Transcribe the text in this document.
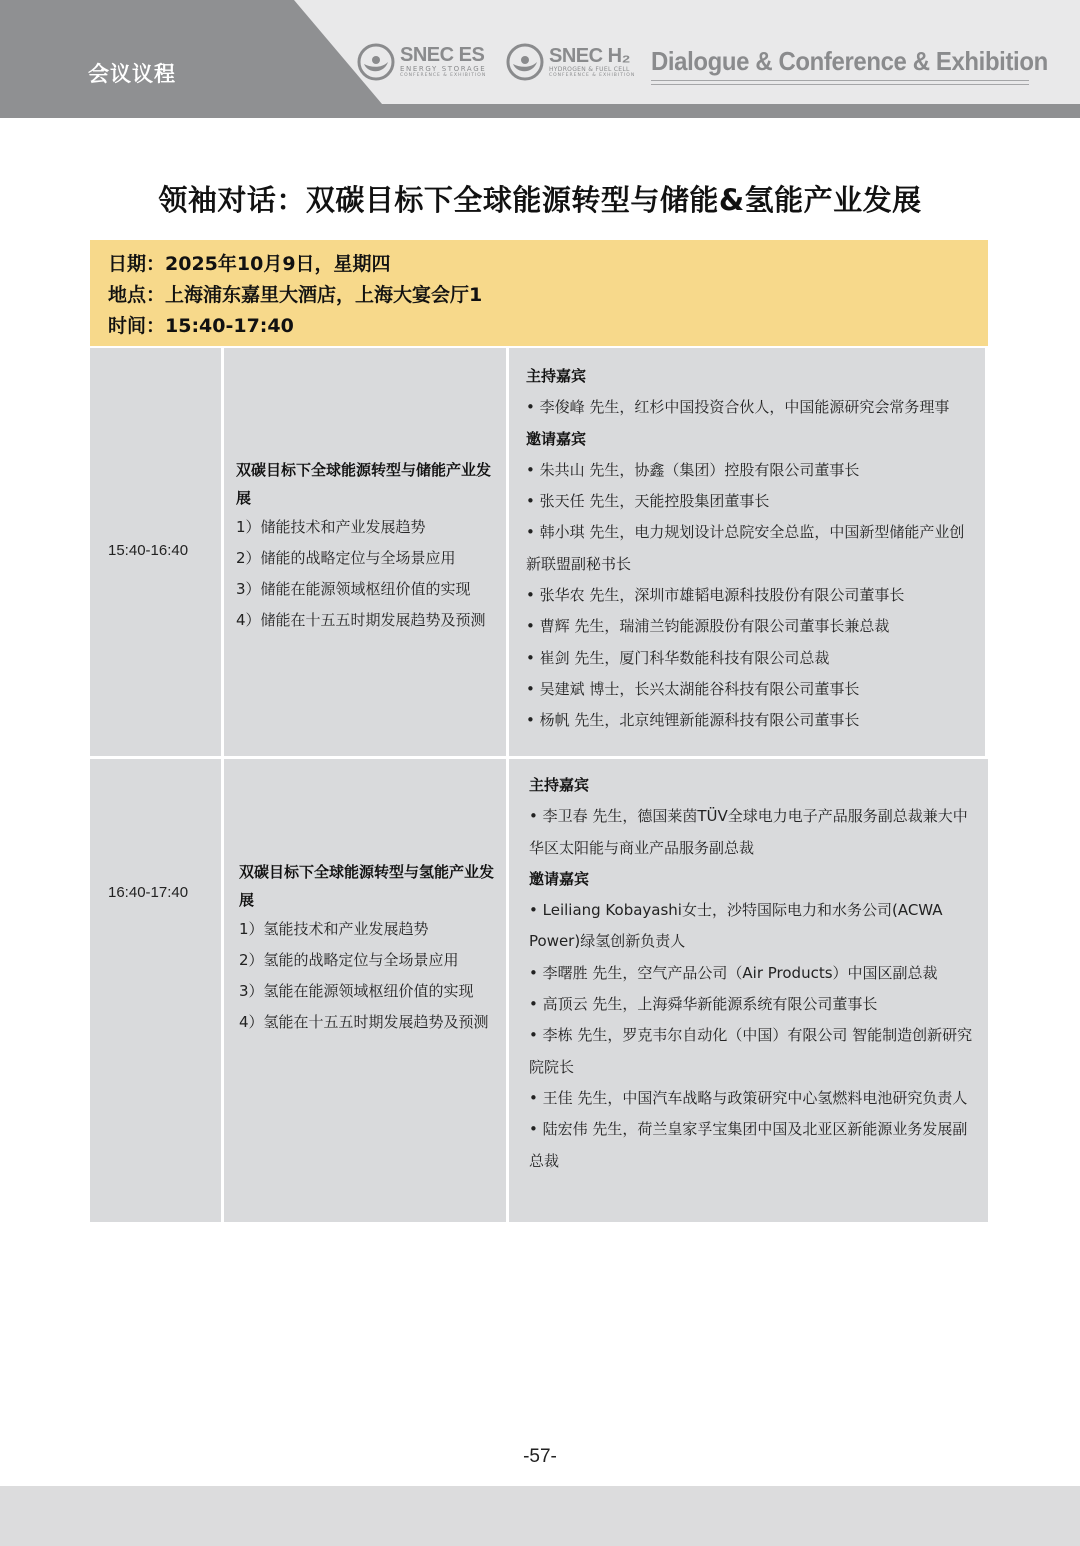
会议议程
SNEC ES
ENERGY STORAGE
CONFERENCE & EXHIBITION
SNEC H₂
HYDROGEN & FUEL CELL
CONFERENCE & EXHIBITION Dialogue & Conference & Exhibition
领袖对话：双碳目标下全球能源转型与储能&氢能产业发展
日期：2025年10月9日，星期四
地点：上海浦东嘉里大酒店，上海大宴会厅1
时间：15:40-17:40
15:40-16:40
双碳目标下全球能源转型与储能产业发展
1）储能技术和产业发展趋势
2）储能的战略定位与全场景应用
3）储能在能源领域枢纽价值的实现
4）储能在十五五时期发展趋势及预测
主持嘉宾
• 李俊峰 先生，红杉中国投资合伙人，中国能源研究会常务理事
邀请嘉宾
• 朱共山 先生，协鑫（集团）控股有限公司董事长
• 张天任 先生，天能控股集团董事长
• 韩小琪 先生，电力规划设计总院安全总监，中国新型储能产业创新联盟副秘书长
• 张华农 先生，深圳市雄韬电源科技股份有限公司董事长
• 曹辉 先生，瑞浦兰钧能源股份有限公司董事长兼总裁
• 崔剑 先生，厦门科华数能科技有限公司总裁
• 吴建斌 博士，长兴太湖能谷科技有限公司董事长
• 杨帆 先生，北京纯锂新能源科技有限公司董事长
16:40-17:40
双碳目标下全球能源转型与氢能产业发展
1）氢能技术和产业发展趋势
2）氢能的战略定位与全场景应用
3）氢能在能源领域枢纽价值的实现
4）氢能在十五五时期发展趋势及预测
主持嘉宾
• 李卫春 先生，德国莱茵TÜV全球电力电子产品服务副总裁兼大中华区太阳能与商业产品服务副总裁
邀请嘉宾
• Leiliang Kobayashi女士，沙特国际电力和水务公司(ACWA Power)绿氢创新负责人
• 李曙胜 先生，空气产品公司（Air Products）中国区副总裁
• 高顶云 先生，上海舜华新能源系统有限公司董事长
• 李栋 先生，罗克韦尔自动化（中国）有限公司 智能制造创新研究院院长
• 王佳 先生，中国汽车战略与政策研究中心氢燃料电池研究负责人
• 陆宏伟 先生，荷兰皇家孚宝集团中国及北亚区新能源业务发展副总裁
-57-
